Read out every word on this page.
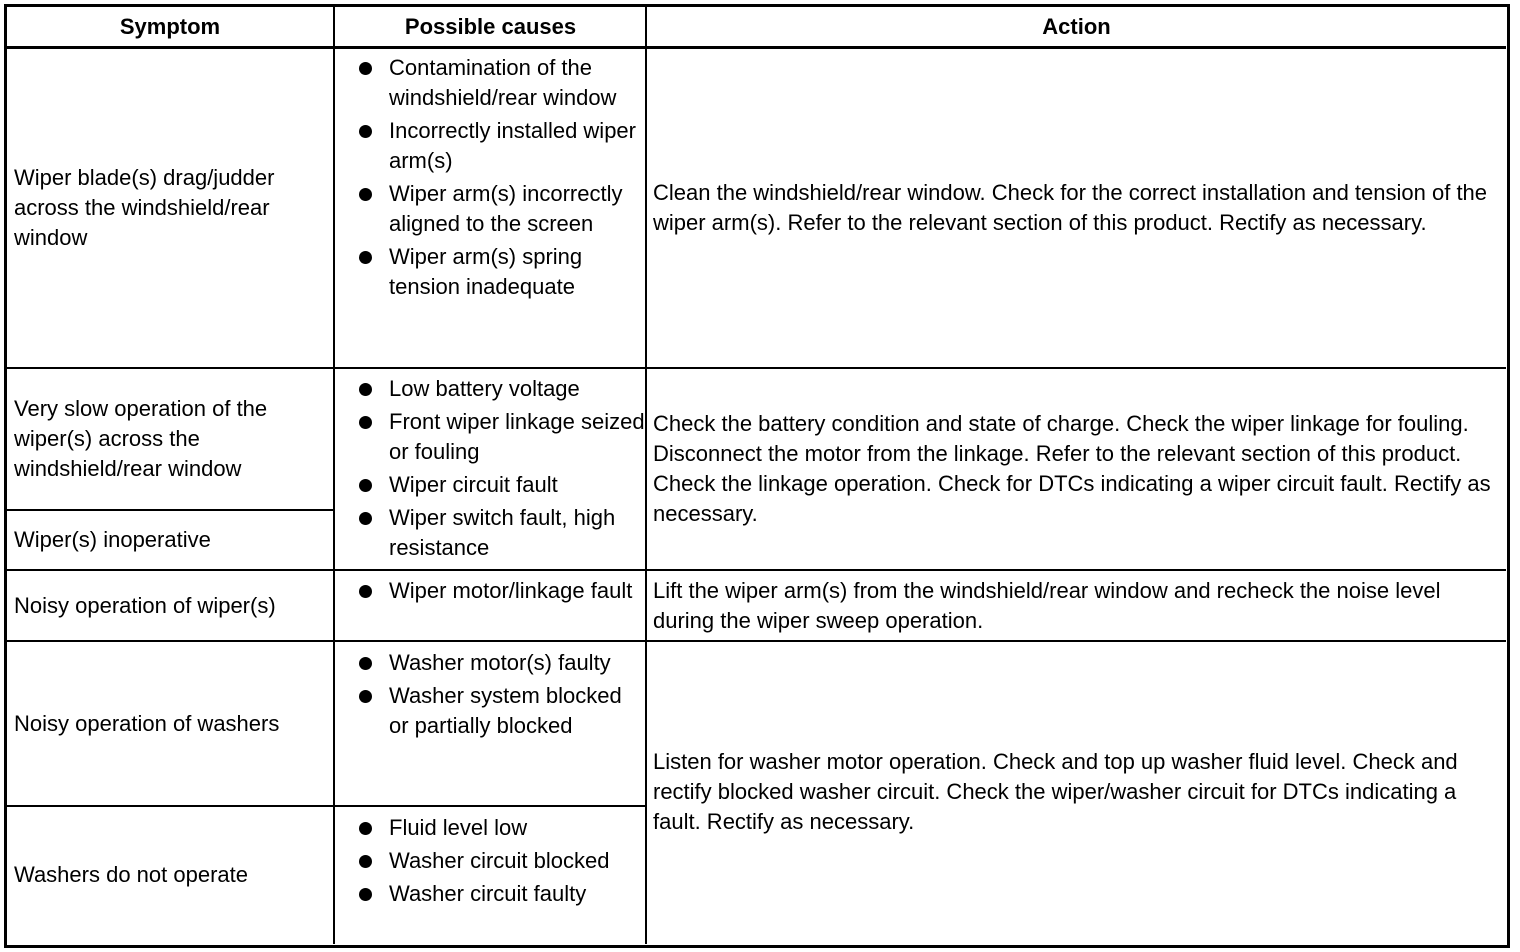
Symptom	Possible causes	Action
Wiper blade(s) drag/judder across the windshield/rear window
Contamination of the windshield/rear window
Incorrectly installed wiper arm(s)
Wiper arm(s) incorrectly aligned to the screen
Wiper arm(s) spring tension inadequate
Clean the windshield/rear window. Check for the correct installation and tension of the wiper arm(s). Refer to the relevant section of this product. Rectify as necessary.
Very slow operation of the wiper(s) across the windshield/rear window
Wiper(s) inoperative
Low battery voltage
Front wiper linkage seized or fouling
Wiper circuit fault
Wiper switch fault, high resistance
Check the battery condition and state of charge. Check the wiper linkage for fouling. Disconnect the motor from the linkage. Refer to the relevant section of this product. Check the linkage operation. Check for DTCs indicating a wiper circuit fault. Rectify as necessary.
Noisy operation of wiper(s)
Wiper motor/linkage fault Lift the wiper arm(s) from the windshield/rear window and recheck the noise level during the wiper sweep operation.
Noisy operation of washers
Washer motor(s) faulty
Washer system blocked or partially blocked
Washers do not operate
Fluid level low
Washer circuit blocked
Washer circuit faulty
Listen for washer motor operation. Check and top up washer fluid level. Check and rectify blocked washer circuit. Check the wiper/washer circuit for DTCs indicating a fault. Rectify as necessary.
